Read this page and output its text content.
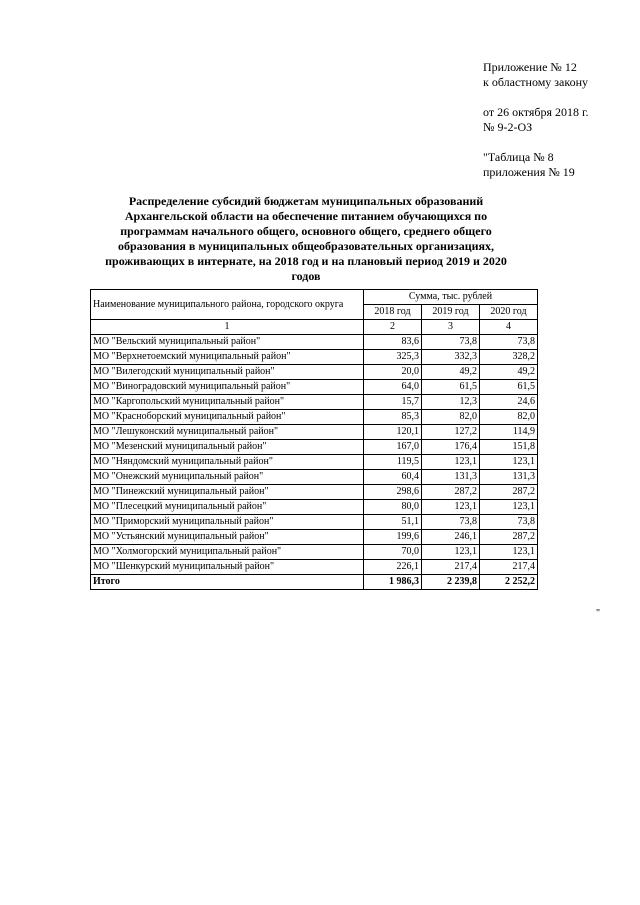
Приложение № 12
к областному закону
от 26 октября 2018 г.
№ 9-2-ОЗ
"Таблица № 8
приложения № 19
Распределение субсидий бюджетам муниципальных образований Архангельской области на обеспечение питанием обучающихся по программам начального общего, основного общего, среднего общего образования в муниципальных общеобразовательных организациях, проживающих в интернате, на 2018 год и на плановый период 2019 и 2020 годов
Наименование муниципального района, городского округа	Сумма, тыс. рублей		
	2018 год	2019 год	2020 год
1	2	3	4
МО "Вельский муниципальный район"	83,6	73,8	73,8
МО "Верхнетоемский муниципальный район"	325,3	332,3	328,2
МО "Вилегодский муниципальный район"	20,0	49,2	49,2
МО "Виноградовский муниципальный район"	64,0	61,5	61,5
МО "Каргопольский муниципальный район"	15,7	12,3	24,6
МО "Красноборский муниципальный район"	85,3	82,0	82,0
МО "Лешуконский муниципальный район"	120,1	127,2	114,9
МО "Мезенский муниципальный район"	167,0	176,4	151,8
МО "Няндомский муниципальный район"	119,5	123,1	123,1
МО "Онежский муниципальный район"	60,4	131,3	131,3
МО "Пинежский муниципальный район"	298,6	287,2	287,2
МО "Плесецкий муниципальный район"	80,0	123,1	123,1
МО "Приморский муниципальный район"	51,1	73,8	73,8
МО "Устьянский муниципальный район"	199,6	246,1	287,2
МО "Холмогорский муниципальный район"	70,0	123,1	123,1
МО "Шенкурский муниципальный район"	226,1	217,4	217,4
Итого	1 986,3	2 239,8	2 252,2
"
